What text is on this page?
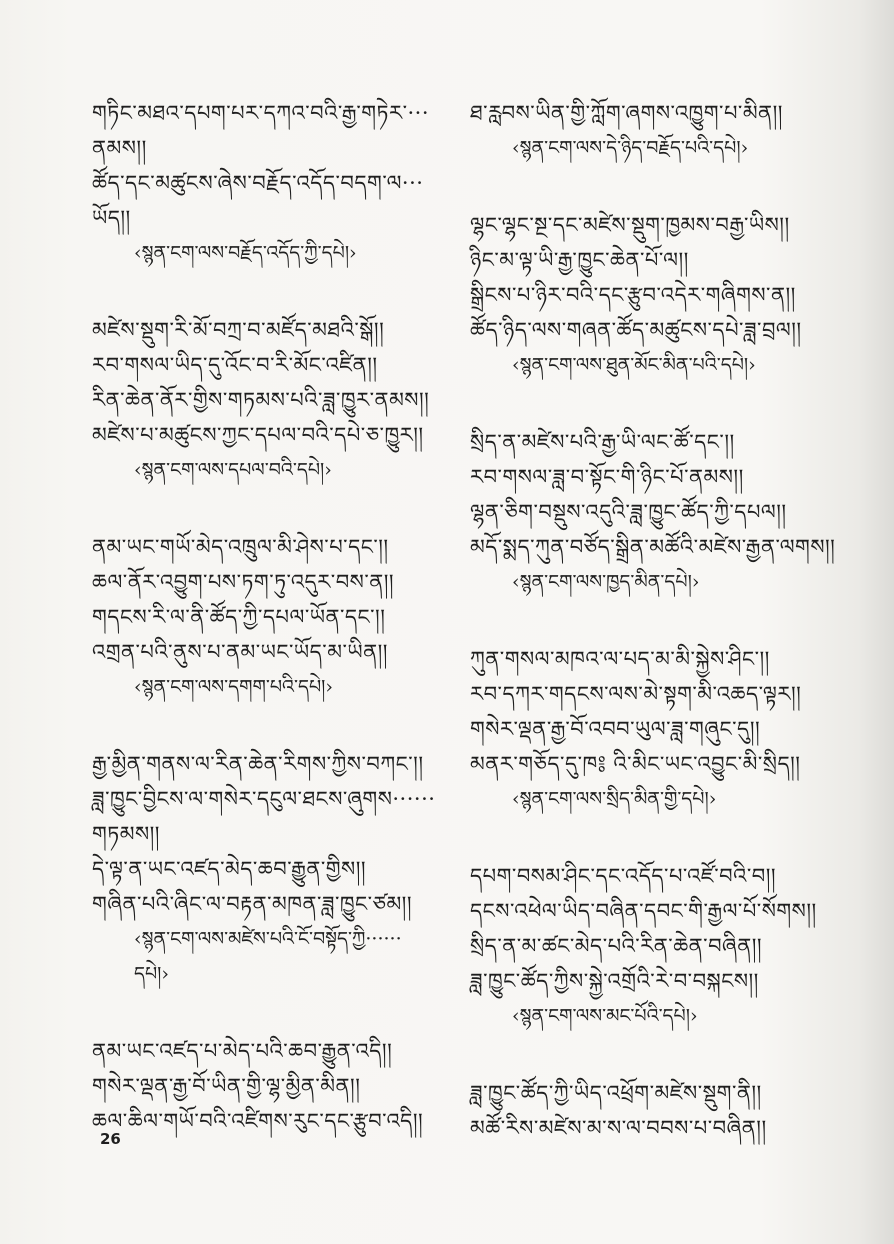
གཏིང་མཐའ་དཔག་པར་དཀའ་བའི་རྒྱ་གཏེར་···
ནམས།།
ཚོད་དང་མཚུངས་ཞེས་བརྗོད་འདོད་བདག་ལ···
ཡོད།།
‹སྙན་ངག་ལས་བརྗོད་འདོད་ཀྱི་དཔེ།›
མཛེས་སྡུག་རི་མོ་བཀྲ་བ་མཛོད་མཐའི་སྒོ།།
རབ་གསལ་ཡིད་དུ་འོང་བ་རི་མོང་འཛིན།།
རིན་ཆེན་ནོར་གྱིས་གཏམས་པའི་ཟླ་ཁྱུར་ནམས།།
མཛེས་པ་མཚུངས་ཀྱང་དཔལ་བའི་དཔེ་ཅ་ཁྱུར།།
‹སྙན་ངག་ལས་དཔལ་བའི་དཔེ།›
ནམ་ཡང་གཡོ་མེད་འཁྲུལ་མི་ཤེས་པ་དང་།།
ཆལ་ནོར་འབྱུག་པས་ཏག་ཏུ་འདུར་བས་ན།།
གདངས་རི་ལ་ནི་ཚོད་ཀྱི་དཔལ་ཡོན་དང་།།
འགྲན་པའི་ནུས་པ་ནམ་ཡང་ཡོད་མ་ཡིན།།
‹སྙན་ངག་ལས་དགག་པའི་དཔེ།›
རྒྱ་མྱིན་གནས་ལ་རིན་ཆེན་རིགས་ཀྱིས་བཀང་།།
ཟླ་ཁྱུང་བྱིངས་ལ་གསེར་དངུལ་ཐངས་ཞུགས······
གཏམས།།
དེ་ལྟ་ན་ཡང་འཛད་མེད་ཆབ་རྒྱུན་གྱིས།།
གཞིན་པའི་ཞིང་ལ་བརྟན་མཁན་ཟླ་ཁྱུང་ཙམ།།
‹སྙན་ངག་ལས་མཛེས་པའི་ངོ་བསྟོད་ཀྱི······
དཔེ།›
ནམ་ཡང་འཛད་པ་མེད་པའི་ཆབ་རྒྱུན་འདི།།
གསེར་ལྡན་རྒྱ་བོ་ཡིན་གྱི་ལྷ་མྱིན་མིན།།
ཆལ་ཆིལ་གཡོ་བའི་འཛིགས་རུང་དང་རྩུབ་འདི།།
ཐ་རླབས་ཡིན་གྱི་ཀློག་ཞགས་འཁྱུག་པ་མིན།།
‹སྙན་ངག་ལས་དེ་ཉིད་བརྗོད་པའི་དཔེ།›
ལྷང་ལྷང་སྔ་དང་མཛེས་སྡུག་ཁྱམས་བརྒྱ་ཡིས།།
ཉིང་མ་ལྟ་ཡི་རྒྱ་ཁྱུང་ཆེན་པོ་ལ།།
སྒྲིངས་པ་ཉིར་བའི་དང་རྩུབ་འདེར་གཞིགས་ན།།
ཚོད་ཉིད་ལས་གཞན་ཚོད་མཚུངས་དཔེ་ཟླ་བྲལ།།
‹སྙན་ངག་ལས་ཐུན་མོང་མིན་པའི་དཔེ།›
སྲིད་ན་མཛེས་པའི་རྒྱ་ཡི་ལང་ཚོ་དང་།།
རབ་གསལ་ཟླ་བ་སྟོང་གི་ཉིང་པོ་ནམས།།
ལྷན་ཅིག་བསྡུས་འདུའི་ཟླ་ཁྱུང་ཚོད་ཀྱི་དཔལ།།
མདོ་སྨད་ཀུན་བཙོད་སྒྲིན་མཚོའི་མཛེས་རྒྱན་ལགས།།
‹སྙན་ངག་ལས་ཁྱད་མིན་དཔེ།›
ཀུན་གསལ་མཁའ་ལ་པད་མ་མི་སྐྱེས་ཤིང་།།
རབ་དཀར་གདངས་ལས་མེ་སྟག་མི་འཆད་ལྟར།།
གསེར་ལྡན་རྒྱ་བོ་འབབ་ཡུལ་ཟླ་གཞུང་དུ།།
མནར་གཅོད་དུ་ཁ༔ འི་མིང་ཡང་འབྱུང་མི་སྲིད།།
‹སྙན་ངག་ལས་སྲིད་མིན་གྱི་དཔེ།›
དཔག་བསམ་ཤིང་དང་འདོད་པ་འཛོ་བའི་བ།།
དངས་འཕེལ་ཡིད་བཞིན་དབང་གི་རྒྱལ་པོ་སོགས།།
སྲིད་ན་མ་ཚང་མེད་པའི་རིན་ཆེན་བཞིན།།
ཟླ་ཁྱུང་ཚོད་ཀྱིས་སྐྱེ་འགྲོའི་རེ་བ་བསྐངས།།
‹སྙན་ངག་ལས་མང་པོའི་དཔེ།›
ཟླ་ཁྱུང་ཚོད་ཀྱི་ཡིད་འཕྲོག་མཛེས་སྡུག་ནི།།
མཚོ་རིས་མཛེས་མ་ས་ལ་བབས་པ་བཞིན།།
26
